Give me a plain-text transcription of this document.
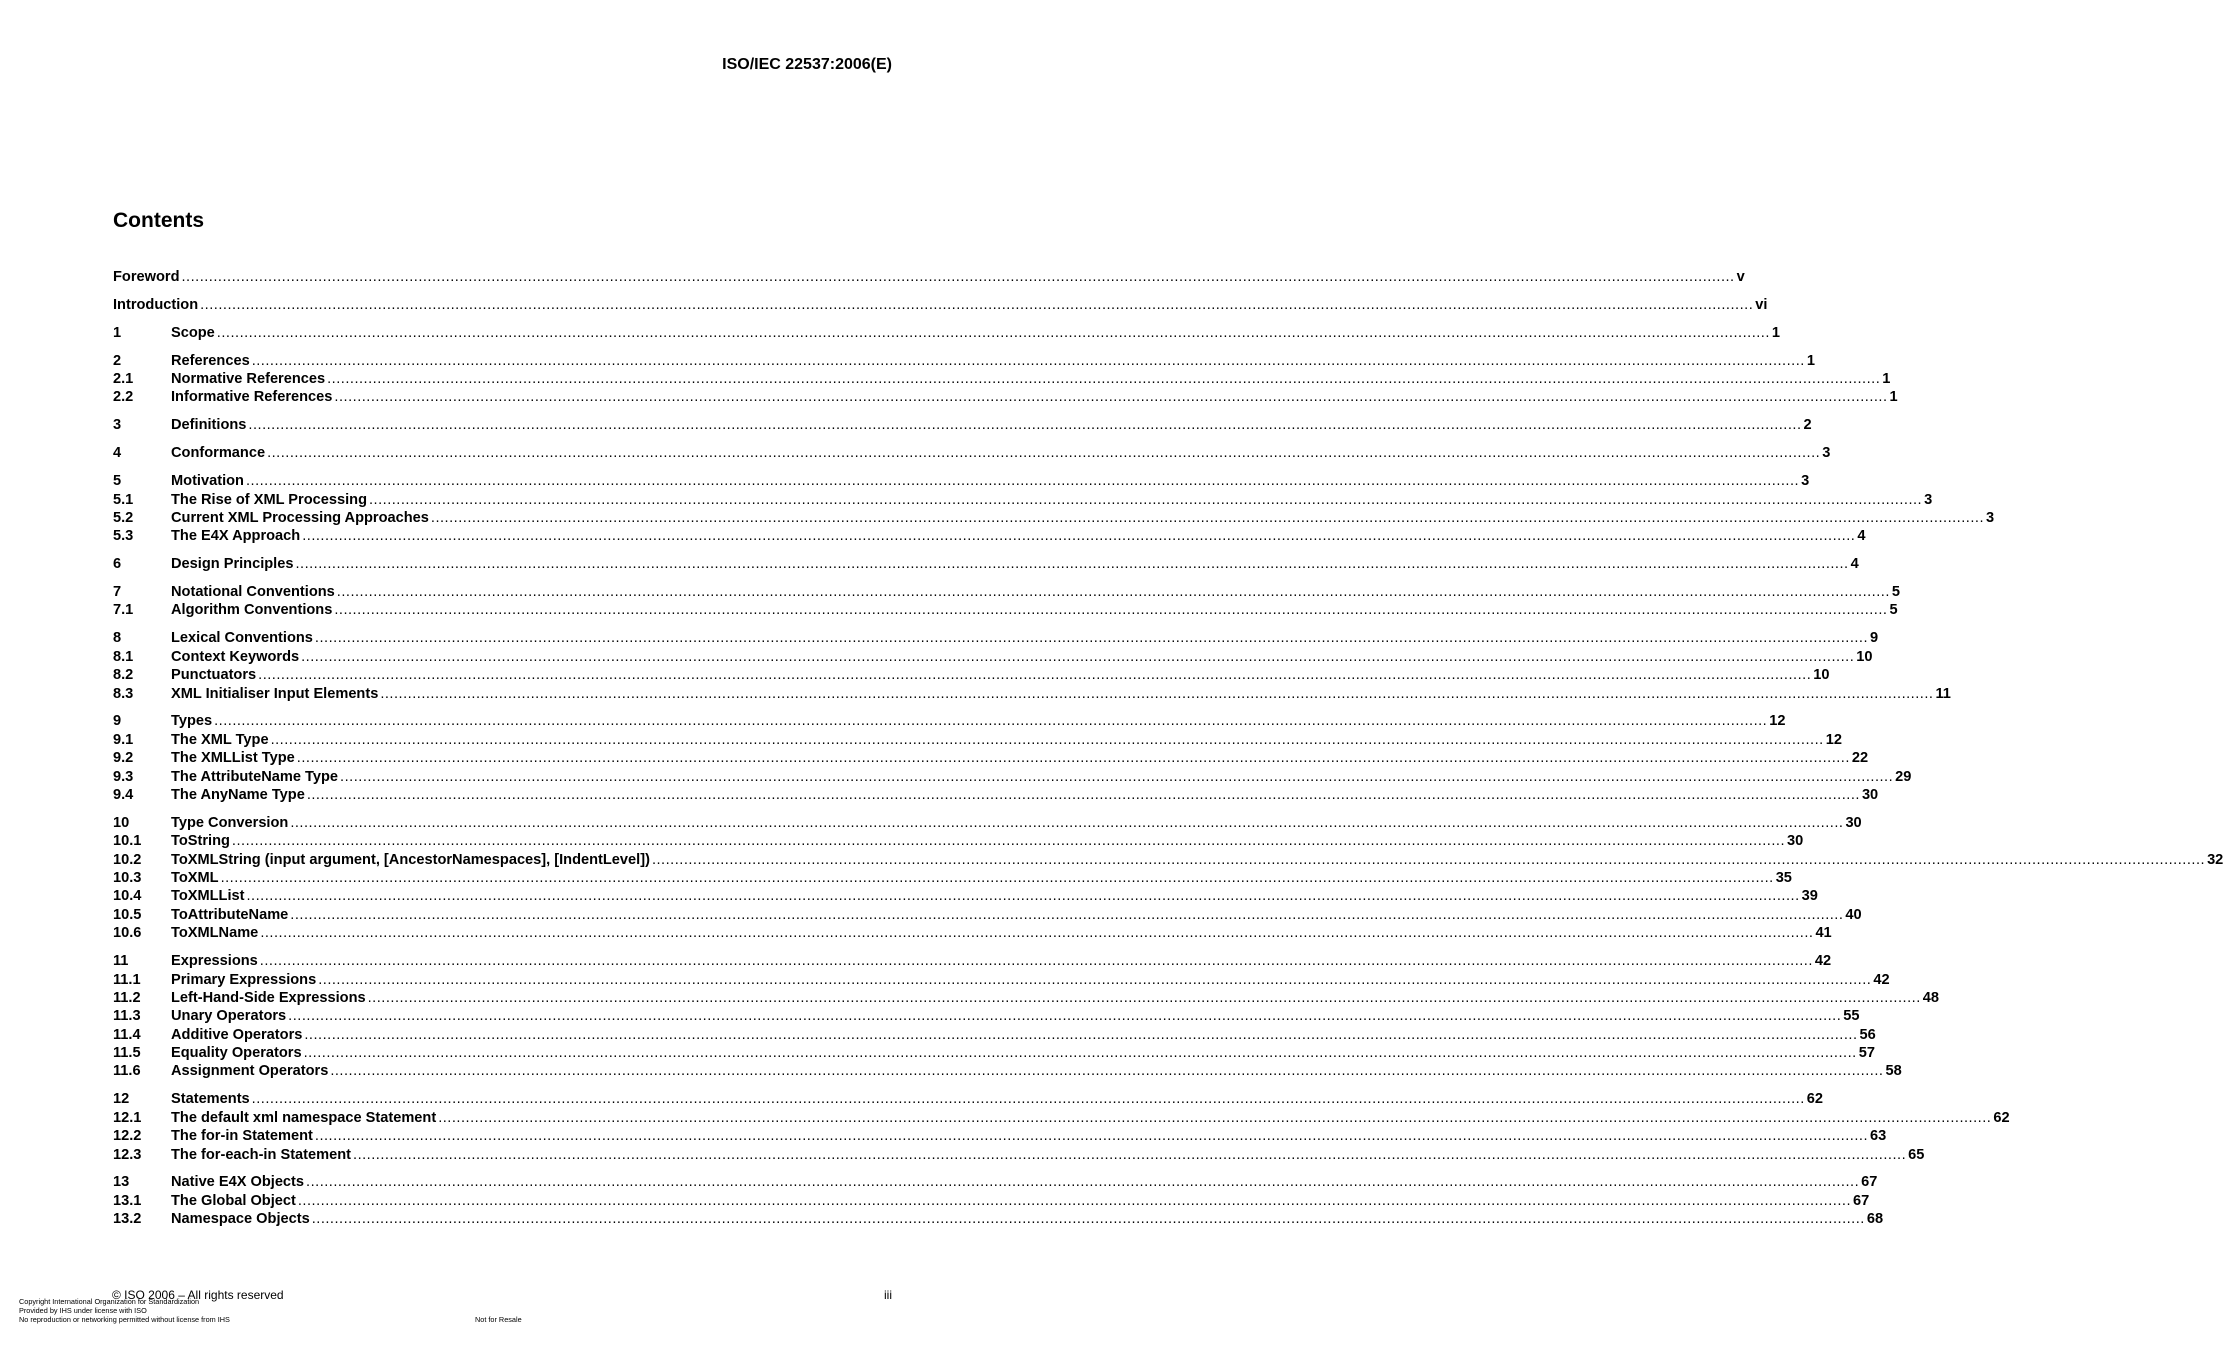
ISO/IEC 22537:2006(E)
Contents
Foreword .....	v
Introduction .....	vi
1	Scope .....	1
2	References .....	1
2.1	Normative References .....	1
2.2	Informative References .....	1
3	Definitions .....	2
4	Conformance .....	3
5	Motivation .....	3
5.1	The Rise of XML Processing .....	3
5.2	Current XML Processing Approaches .....	3
5.3	The E4X Approach .....	4
6	Design Principles .....	4
7	Notational Conventions .....	5
7.1	Algorithm Conventions .....	5
8	Lexical Conventions .....	9
8.1	Context Keywords .....	10
8.2	Punctuators .....	10
8.3	XML Initialiser Input Elements .....	11
9	Types .....	12
9.1	The XML Type .....	12
9.2	The XMLList Type .....	22
9.3	The AttributeName Type .....	29
9.4	The AnyName Type .....	30
10	Type Conversion .....	30
10.1	ToString .....	30
10.2	ToXMLString (input argument, [AncestorNamespaces], [IndentLevel]) .....	32
10.3	ToXML .....	35
10.4	ToXMLList .....	39
10.5	ToAttributeName .....	40
10.6	ToXMLName .....	41
11	Expressions .....	42
11.1	Primary Expressions .....	42
11.2	Left-Hand-Side Expressions .....	48
11.3	Unary Operators .....	55
11.4	Additive Operators .....	56
11.5	Equality Operators .....	57
11.6	Assignment Operators .....	58
12	Statements .....	62
12.1	The default xml namespace Statement .....	62
12.2	The for-in Statement .....	63
12.3	The for-each-in Statement .....	65
13	Native E4X Objects .....	67
13.1	The Global Object .....	67
13.2	Namespace Objects .....	68
© ISO 2006 – All rights reserved	iii
Copyright International Organization for Standardization
Provided by IHS under license with ISO
No reproduction or networking permitted without license from IHS	Not for Resale
